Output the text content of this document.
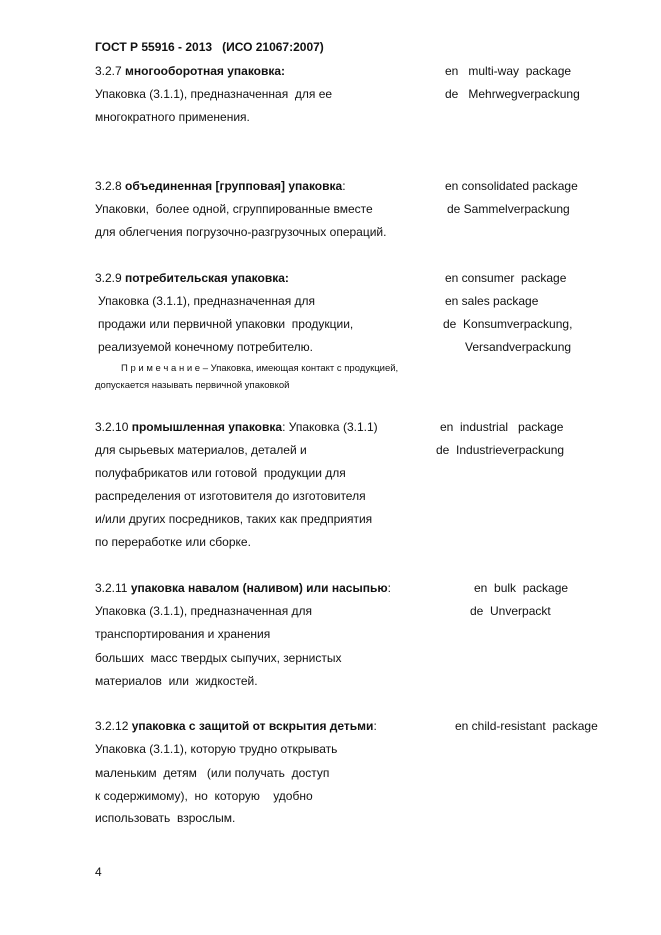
ГОСТ Р 55916 - 2013   (ИСО 21067:2007)
3.2.7 многооборотная упаковка:
Упаковка (3.1.1), предназначенная  для ее
многократного применения.
en   multi-way  package
de   Mehrwegverpackung
3.2.8 объединенная [групповая] упаковка:
Упаковки,  более одной, сгруппированные вместе
для облегчения погрузочно-разгрузочных операций.
en consolidated package
de Sammelverpackung
3.2.9 потребительская упаковка:
Упаковка (3.1.1), предназначенная для
продажи или первичной упаковки  продукции,
реализуемой конечному потребителю.
en consumer  package
en sales package
de  Konsumverpackung,
Versandverpackung
П р и м е ч а н и е – Упаковка, имеющая контакт с продукцией,
допускается называть первичной упаковкой
3.2.10 промышленная упаковка: Упаковка (3.1.1)
для сырьевых материалов, деталей и
полуфабрикатов или готовой  продукции для
распределения от изготовителя до изготовителя
и/или других посредников, таких как предприятия
по переработке или сборке.
en  industrial   package
de  Industrieverpackung
3.2.11 упаковка навалом (наливом) или насыпью:
Упаковка (3.1.1), предназначенная для
транспортирования и хранения
больших  масс твердых сыпучих, зернистых
материалов  или  жидкостей.
en  bulk  package
de  Unverpackt
3.2.12 упаковка с защитой от вскрытия детьми:
Упаковка (3.1.1), которую трудно открывать
маленьким  детям   (или получать  доступ
к содержимому),  но  которую    удобно
использовать  взрослым.
en child-resistant  package
4
